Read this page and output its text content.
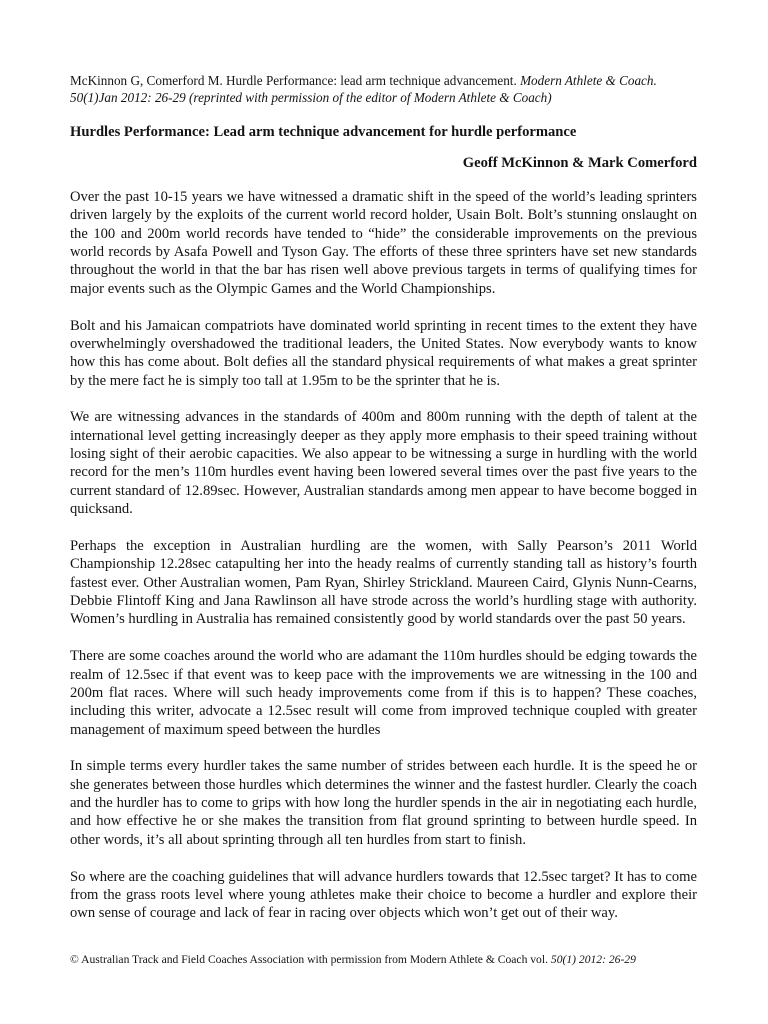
McKinnon G, Comerford M. Hurdle Performance: lead arm technique advancement. Modern Athlete & Coach. 50(1)Jan 2012: 26-29 (reprinted with permission of the editor of Modern Athlete & Coach)

Hurdles Performance: Lead arm technique advancement for hurdle performance
Geoff McKinnon & Mark Comerford

Over the past 10-15 years we have witnessed a dramatic shift in the speed of the world’s leading sprinters driven largely by the exploits of the current world record holder, Usain Bolt. Bolt’s stunning onslaught on the 100 and 200m world records have tended to “hide” the considerable improvements on the previous world records by Asafa Powell and Tyson Gay. The efforts of these three sprinters have set new standards throughout the world in that the bar has risen well above previous targets in terms of qualifying times for major events such as the Olympic Games and the World Championships.

Bolt and his Jamaican compatriots have dominated world sprinting in recent times to the extent they have overwhelmingly overshadowed the traditional leaders, the United States. Now everybody wants to know how this has come about. Bolt defies all the standard physical requirements of what makes a great sprinter by the mere fact he is simply too tall at 1.95m to be the sprinter that he is.

We are witnessing advances in the standards of 400m and 800m running with the depth of talent at the international level getting increasingly deeper as they apply more emphasis to their speed training without losing sight of their aerobic capacities. We also appear to be witnessing a surge in hurdling with the world record for the men’s 110m hurdles event having been lowered several times over the past five years to the current standard of 12.89sec. However, Australian standards among men appear to have become bogged in quicksand.

Perhaps the exception in Australian hurdling are the women, with Sally Pearson’s 2011 World Championship 12.28sec catapulting her into the heady realms of currently standing tall as history’s fourth fastest ever. Other Australian women, Pam Ryan, Shirley Strickland. Maureen Caird, Glynis Nunn-Cearns, Debbie Flintoff King and Jana Rawlinson all have strode across the world’s hurdling stage with authority. Women’s hurdling in Australia has remained consistently good by world standards over the past 50 years.

There are some coaches around the world who are adamant the 110m hurdles should be edging towards the realm of 12.5sec if that event was to keep pace with the improvements we are witnessing in the 100 and 200m flat races. Where will such heady improvements come from if this is to happen? These coaches, including this writer, advocate a 12.5sec result will come from improved technique coupled with greater management of maximum speed between the hurdles

In simple terms every hurdler takes the same number of strides between each hurdle. It is the speed he or she generates between those hurdles which determines the winner and the fastest hurdler. Clearly the coach and the hurdler has to come to grips with how long the hurdler spends in the air in negotiating each hurdle, and how effective he or she makes the transition from flat ground sprinting to between hurdle speed. In other words, it’s all about sprinting through all ten hurdles from start to finish.

So where are the coaching guidelines that will advance hurdlers towards that 12.5sec target? It has to come from the grass roots level where young athletes make their choice to become a hurdler and explore their own sense of courage and lack of fear in racing over objects which won’t get out of their way.

© Australian Track and Field Coaches Association with permission from Modern Athlete & Coach vol. 50(1) 2012: 26-29
